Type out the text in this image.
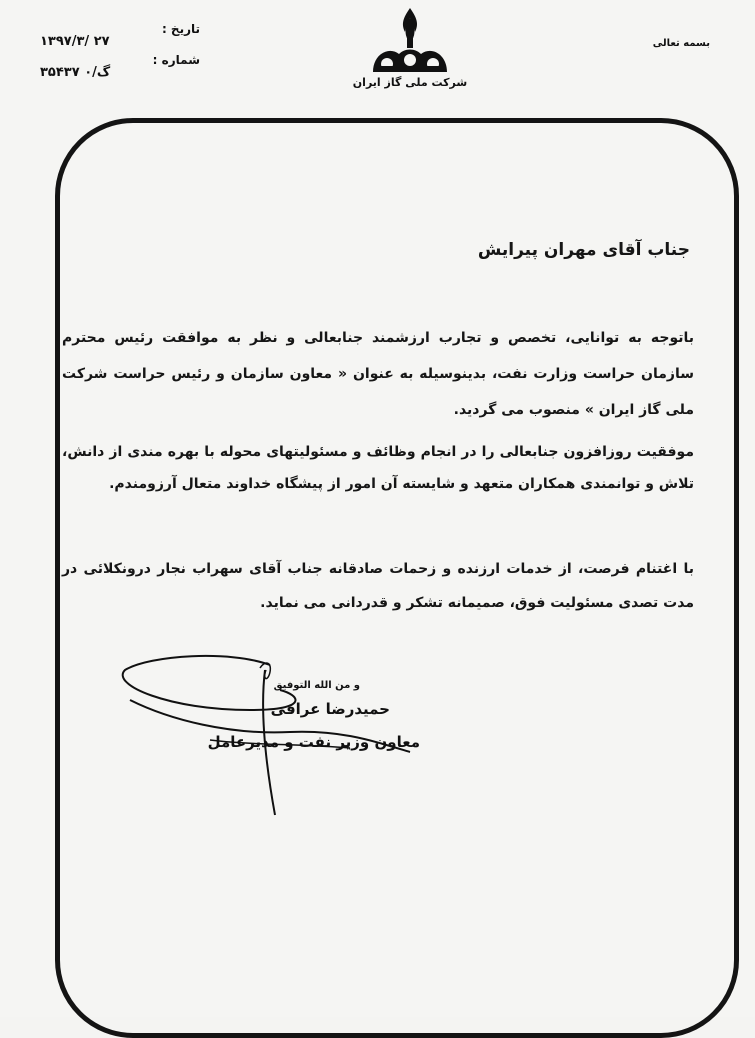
بسمه تعالی
شرکت ملی گاز ایران
تاریخ :
۱۳۹۷/۳/ ۲۷
شماره :
گ/۰ ۳۵۴۳۷
جناب آقای مهران پیرایش
باتوجه به توانایی، تخصص و تجارب ارزشمند جنابعالی و نظر به موافقت رئیس محترم سازمان حراست وزارت نفت، بدینوسیله به عنوان « معاون سازمان و رئیس حراست شرکت ملی گاز ایران » منصوب می گردید.
موفقیت روزافزون جنابعالی را در انجام وظائف و مسئولیتهای محوله با بهره مندی از دانش، تلاش و توانمندی همکاران متعهد و شایسته آن امور از پیشگاه خداوند متعال آرزومندم.
با اغتنام فرصت، از خدمات ارزنده و زحمات صادقانه جناب آقای سهراب نجار درونکلائی در مدت تصدی مسئولیت فوق، صمیمانه تشکر و قدردانی می نماید.
و من الله التوفیق
حمیدرضا عراقی
معاون وزیر نفت و مدیرعامل
